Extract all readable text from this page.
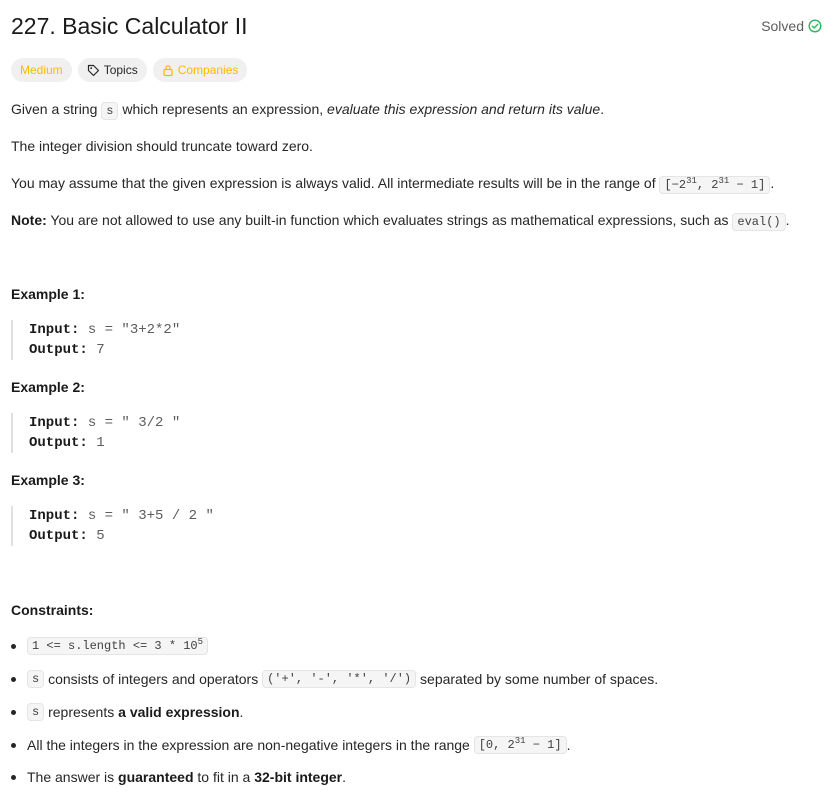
227. Basic Calculator II	Solved
Medium	Topics	Companies
Given a string s which represents an expression, evaluate this expression and return its value.
The integer division should truncate toward zero.
You may assume that the given expression is always valid. All intermediate results will be in the range of [$-2^{31}$, $2^{31} - 1$] .
Note: You are not allowed to use any built-in function which evaluates strings as mathematical expressions, such as eval() .
Example 1:
Input: s = "3+2*2"
Output: 7
Example 2:
Input: s = " 3/2 "
Output: 1
Example 3:
Input: s = " 3+5 / 2 "
Output: 5
Constraints:
1 <= s.length <= $3 * 10^5$
s consists of integers and operators ('+', '-', '*', '/') separated by some number of spaces.
s represents a valid expression .
All the integers in the expression are non-negative integers in the range [0, $2^{31} - 1$] .
The answer is guaranteed to fit in a 32-bit integer .
